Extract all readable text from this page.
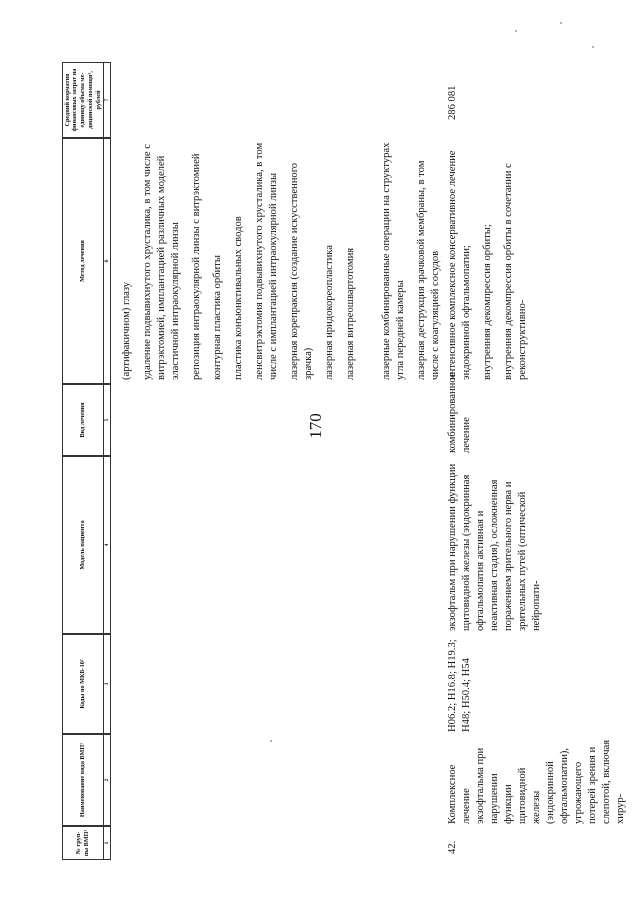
170
№ груп-пы ВМП¹
Наименование вида ВМП¹
Коды по МКБ-10²
Модель пациента
Вид лечения
Метод лечения
Средний норматив финансовых затрат на единицу объема ме-дицинской помощи³, рублей
1
2
3
4
5
6
7
(артифакичном) глазу удаление подвывихнутого хрусталика, в том числе с витрэктомией, имплантацией различных моделей эластичной интраокулярной линзы репозиция интраокулярной линзы с витрэктомией контурная пластика орбиты пластика конъюнктивальных сводов ленсвитрэктомия подвывихнутого хрусталика, в том числе с имплантацией интраокулярной линзы лазерная корепраксия (создание искусственного зрачка) лазерная иридокореопластика лазерная витреошвартотомия лазерные комбинированные операции на структурах угла передней камеры лазерная деструкция зрачковой мембраны, в том числе с коагуляцией сосудов
42.
Комплексное лечение экзофтальма при нарушении функции щитовидной железы (эндокринной офтальмопатии), угрожающего потерей зрения и слепотой, включая хирур-
H06.2; H16.8; H19.3; H48; H50.4; H54
экзофтальм при нарушении функции щитовидной железы (эндокринная офтальмопатия активная и неактивная стадия), осложненная поражением зрительного нерва и зрительных путей (оптической нейропати-
комбинированное лечение
интенсивное комплексное консервативное лечение эндокринной офтальмопатии; внутренняя декомпрессия орбиты; внутренняя декомпрессия орбиты в сочетании с реконструктивно-
286 081
